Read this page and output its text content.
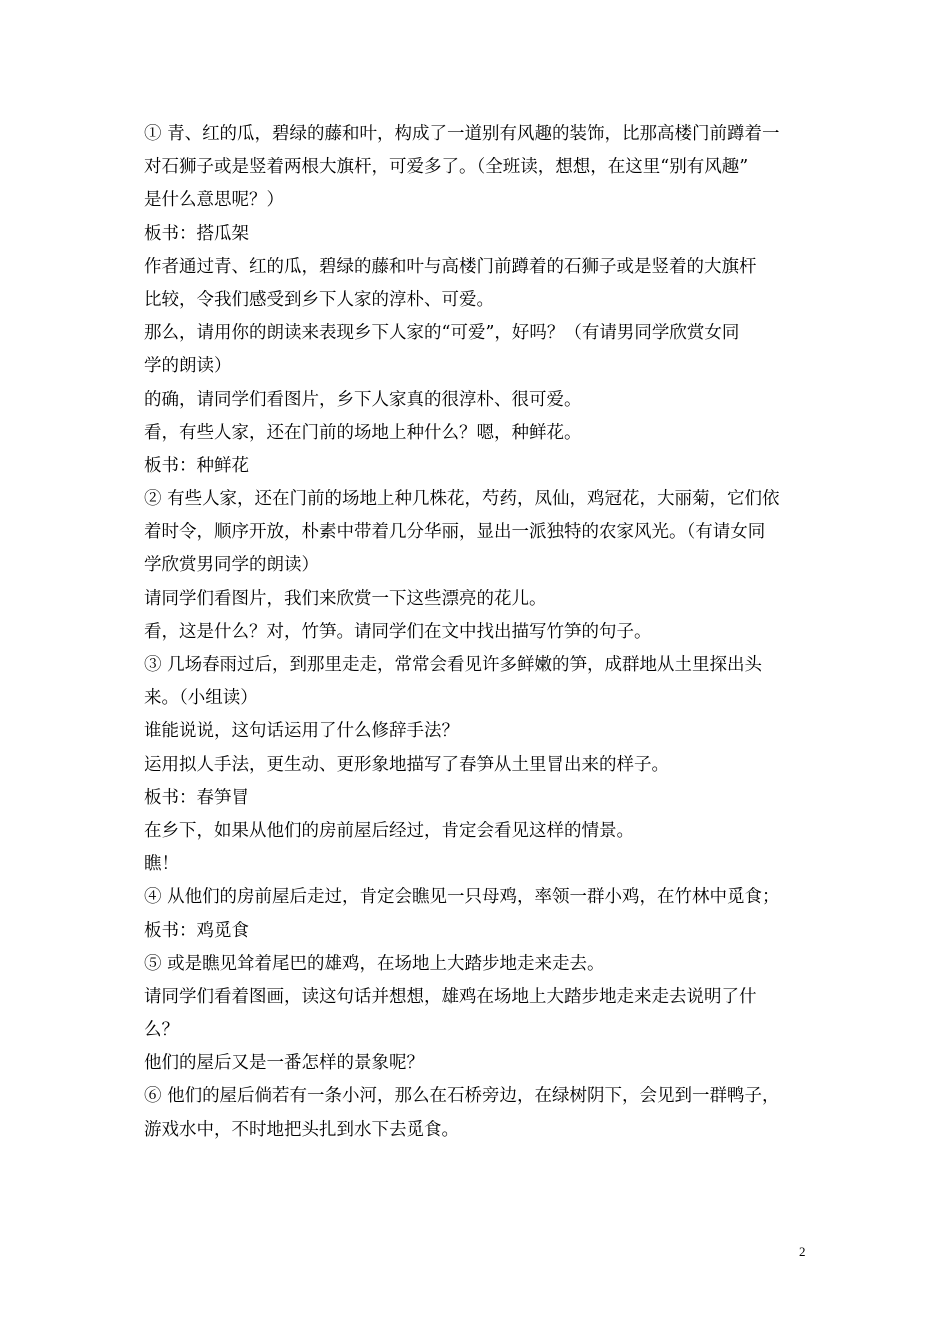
① 青、红的瓜，碧绿的藤和叶，构成了一道别有风趣的装饰，比那高楼门前蹲着一
对石狮子或是竖着两根大旗杆，可爱多了。（全班读，想想，在这里“别有风趣”
是什么意思呢？）
板书：搭瓜架
作者通过青、红的瓜，碧绿的藤和叶与高楼门前蹲着的石狮子或是竖着的大旗杆
比较，令我们感受到乡下人家的淳朴、可爱。
那么，请用你的朗读来表现乡下人家的“可爱”，好吗？（有请男同学欣赏女同
学的朗读）
的确，请同学们看图片，乡下人家真的很淳朴、很可爱。
看，有些人家，还在门前的场地上种什么？嗯，种鲜花。
板书：种鲜花
② 有些人家，还在门前的场地上种几株花，芍药，凤仙，鸡冠花，大丽菊，它们依
着时令，顺序开放，朴素中带着几分华丽，显出一派独特的农家风光。（有请女同
学欣赏男同学的朗读）
请同学们看图片，我们来欣赏一下这些漂亮的花儿。
看，这是什么？对，竹笋。请同学们在文中找出描写竹笋的句子。
③ 几场春雨过后，到那里走走，常常会看见许多鲜嫩的笋，成群地从土里探出头
来。（小组读）
谁能说说，这句话运用了什么修辞手法？
运用拟人手法，更生动、更形象地描写了春笋从土里冒出来的样子。
板书：春笋冒
在乡下，如果从他们的房前屋后经过，肯定会看见这样的情景。
瞧！
④ 从他们的房前屋后走过，肯定会瞧见一只母鸡，率领一群小鸡，在竹林中觅食；
板书：鸡觅食
⑤ 或是瞧见耸着尾巴的雄鸡，在场地上大踏步地走来走去。
请同学们看着图画，读这句话并想想，雄鸡在场地上大踏步地走来走去说明了什
么？
他们的屋后又是一番怎样的景象呢？
⑥ 他们的屋后倘若有一条小河，那么在石桥旁边，在绿树阴下，会见到一群鸭子，
游戏水中，不时地把头扎到水下去觅食。
2
